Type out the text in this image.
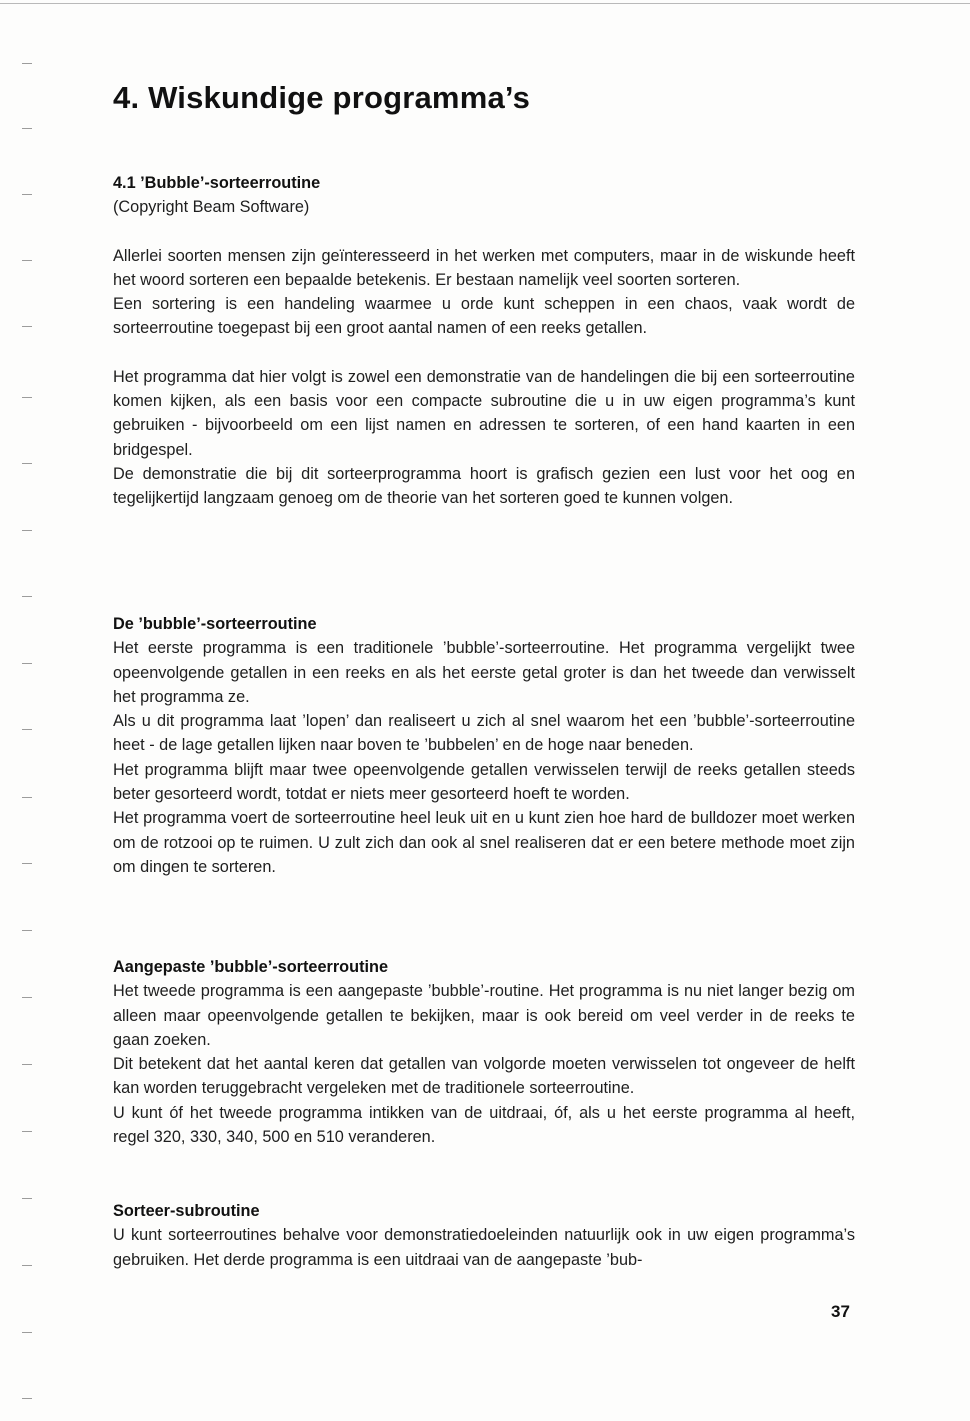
4. Wiskundige programma’s
4.1 ’Bubble’-sorteerroutine
(Copyright Beam Software)

Allerlei soorten mensen zijn geïnteresseerd in het werken met computers, maar in de wiskunde heeft het woord sorteren een bepaalde betekenis. Er bestaan namelijk veel soorten sorteren.

Een sortering is een handeling waarmee u orde kunt scheppen in een chaos, vaak wordt de sorteerroutine toegepast bij een groot aantal namen of een reeks getallen.

Het programma dat hier volgt is zowel een demonstratie van de handelingen die bij een sorteerroutine komen kijken, als een basis voor een compacte subroutine die u in uw eigen programma’s kunt gebruiken - bijvoorbeeld om een lijst namen en adressen te sorteren, of een hand kaarten in een bridgespel.

De demonstratie die bij dit sorteerprogramma hoort is grafisch gezien een lust voor het oog en tegelijkertijd langzaam genoeg om de theorie van het sorteren goed te kunnen volgen.

De ’bubble’-sorteerroutine

Het eerste programma is een traditionele ’bubble’-sorteerroutine. Het programma vergelijkt twee opeenvolgende getallen in een reeks en als het eerste getal groter is dan het tweede dan verwisselt het programma ze.

Als u dit programma laat ’lopen’ dan realiseert u zich al snel waarom het een ’bubble’-sorteerroutine heet - de lage getallen lijken naar boven te ’bubbelen’ en de hoge naar beneden.

Het programma blijft maar twee opeenvolgende getallen verwisselen terwijl de reeks getallen steeds beter gesorteerd wordt, totdat er niets meer gesorteerd hoeft te worden.

Het programma voert de sorteerroutine heel leuk uit en u kunt zien hoe hard de bulldozer moet werken om de rotzooi op te ruimen. U zult zich dan ook al snel realiseren dat er een betere methode moet zijn om dingen te sorteren.

Aangepaste ’bubble’-sorteerroutine

Het tweede programma is een aangepaste ’bubble’-routine. Het programma is nu niet langer bezig om alleen maar opeenvolgende getallen te bekijken, maar is ook bereid om veel verder in de reeks te gaan zoeken.

Dit betekent dat het aantal keren dat getallen van volgorde moeten verwisselen tot ongeveer de helft kan worden teruggebracht vergeleken met de traditionele sorteerroutine.

U kunt óf het tweede programma intikken van de uitdraai, óf, als u het eerste programma al heeft, regel 320, 330, 340, 500 en 510 veranderen.

Sorteer-subroutine

U kunt sorteerroutines behalve voor demonstratiedoeleinden natuurlijk ook in uw eigen programma’s gebruiken. Het derde programma is een uitdraai van de aangepaste ’bub-

37
